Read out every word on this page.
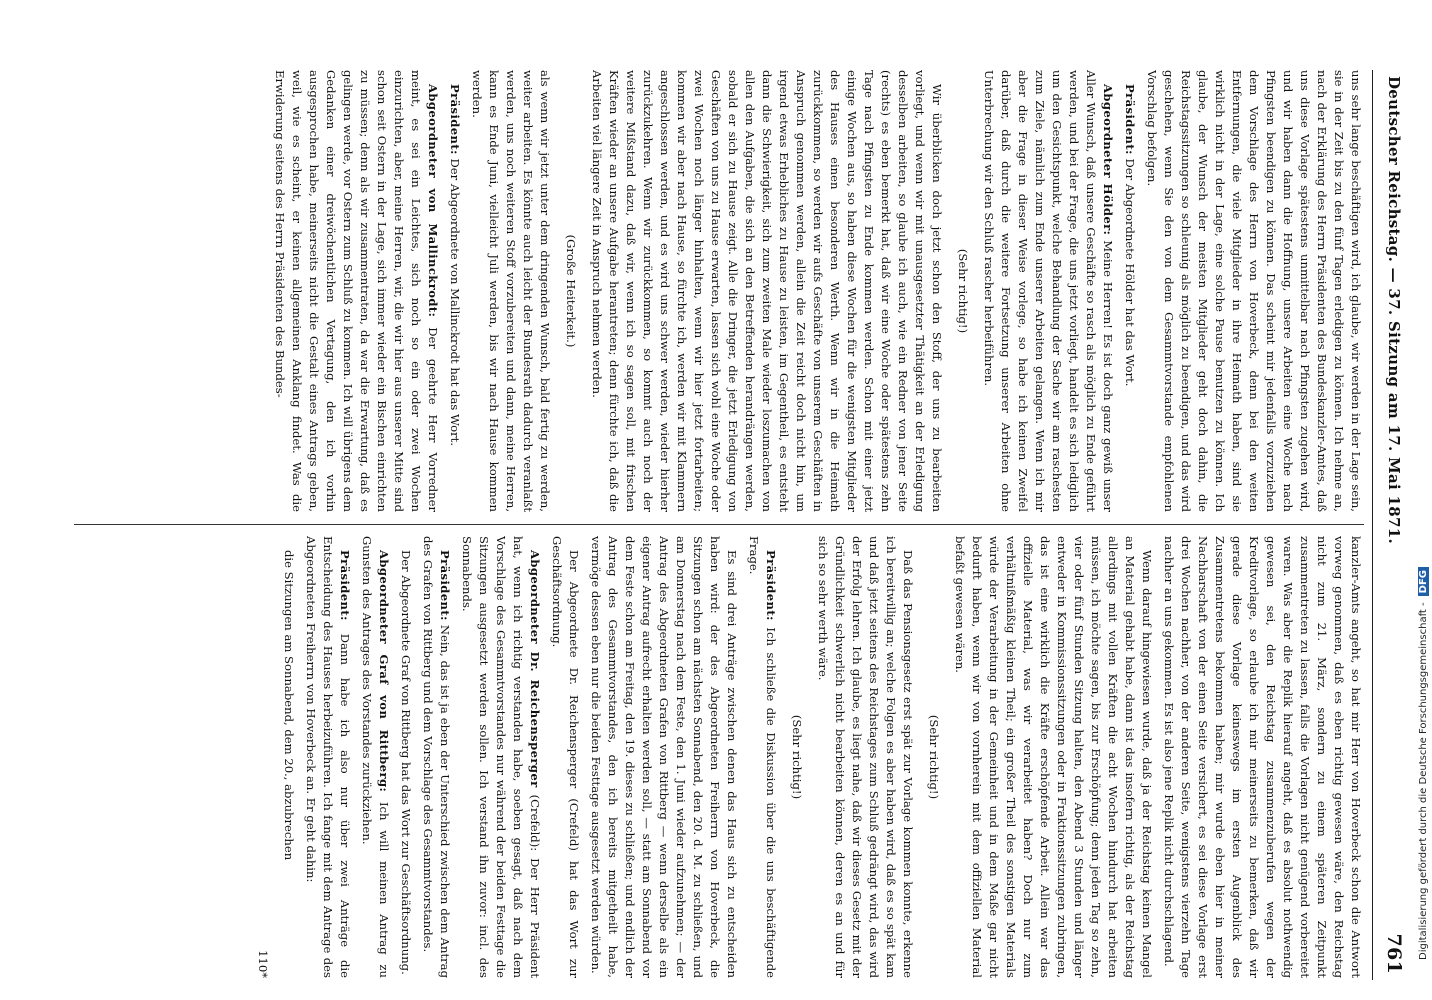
Deutscher Reichstag. — 37. Sitzung am 17. Mai 1871.
761

uns sehr lange beschäftigen wird, ich glaube, wir werden in der Lage sein, sie in der Zeit bis zu den fünf Tagen erledigen zu können. Ich nehme an, nach der Erklärung des Herrn Präsidenten des Bundeskanzler-Amtes, daß uns diese Vorlage spätestens unmittelbar nach Pfingsten zugehen wird, und wir haben dann die Hoffnung, unsere Arbeiten eine Woche nach Pfingsten beendigen zu können. Das scheint mir jedenfalls vorzuziehen dem Vorschlage des Herrn von Hoverbeck, denn bei den weiten Entfernungen, die viele Mitglieder in ihre Heimath haben, sind sie wirklich nicht in der Lage, eine solche Pause benutzen zu können. Ich glaube, der Wunsch der meisten Mitglieder geht doch dahin, die Reichstagssitzungen so schleunig als möglich zu beendigen, und das wird geschehen, wenn Sie den von dem Gesammtvorstande empfohlenen Vorschlag befolgen.

Präsident: Der Abgeordnete Hölder hat das Wort.

Abgeordneter Hölder: Meine Herren! Es ist doch ganz gewiß unser Aller Wunsch, daß unsere Geschäfte so rasch als möglich zu Ende geführt werden, und bei der Frage, die uns jetzt vorliegt, handelt es sich lediglich um den Gesichtspunkt, welche Behandlung der Sache wir am raschesten zum Ziele, nämlich zum Ende unserer Arbeiten gelangen. Wenn ich mir aber die Frage in dieser Weise vorlege, so habe ich keinen Zweifel darüber, daß durch die weitere Fortsetzung unserer Arbeiten ohne Unterbrechung wir den Schluß rascher herbeiführen.

(Sehr richtig!)

Wir überblicken doch jetzt schon den Stoff, der uns zu bearbeiten vorliegt, und wenn wir mit unausgesetzter Thätigkeit an der Erledigung desselben arbeiten, so glaube ich auch, wie ein Redner von jener Seite (rechts) es eben bemerkt hat, daß wir eine Woche oder spätestens zehn Tage nach Pfingsten zu Ende kommen werden. Schon mit einer jetzt einige Wochen aus, so haben diese Wochen für die wenigsten Mitglieder des Hauses einen besonderen Werth. Wenn wir in die Heimath zurückkommen, so werden wir aufs Geschäfte von unserem Geschäften in Anspruch genommen werden, allein die Zeit reicht doch nicht hin, um irgend etwas Erhebliches zu Hause zu leisten, im Gegentheil, es entsteht dann die Schwierigkeit, sich zum zweiten Male wieder loszumachen von allen den Aufgaben, die sich an den Betreffenden herandrängen werden, sobald er sich zu Hause zeigt. Alle die Dringer, die jetzt Erledigung von Geschäften von uns zu Hause erwarten, lassen sich wohl eine Woche oder zwei Wochen noch länger hinhalten, wenn wir hier jetzt fortarbeiten; kommen wir aber nach Hause, so fürchte ich, werden wir mit Klammern angeschlossen werden, und es wird uns schwer werden, wieder hierher zurückzukehren. Wenn wir zurückkommen, so kommt auch noch der weitere Mißstand dazu, daß wir, wenn ich so sagen soll, mit frischen Kräften wieder an unsere Aufgabe herantreten; denn fürchte ich, daß die Arbeiten viel längere Zeit in Anspruch nehmen werden.

(Große Heiterkeit.)

als wenn wir jetzt unter dem dringenden Wunsch, bald fertig zu werden, weiter arbeiten. Es könnte auch leicht der Bundesrath dadurch veranlaßt werden, uns noch weiteren Stoff vorzubereiten und dann, meine Herren, kann es Ende Juni, vielleicht Juli werden, bis wir nach Hause kommen werden.

Präsident: Der Abgeordnete von Mallinckrodt hat das Wort.

Abgeordneter von Mallinckrodt: Der geehrte Herr Vorredner meint, es sei ein Leichtes, sich noch so ein oder zwei Wochen einzurichten, aber, meine Herren, wir, die wir hier aus unserer Mitte sind schon seit Ostern in der Lage, sich immer wieder ein Bischen einrichten zu müssen; denn als wir zusammentraten, da war die Erwartung, daß es gelingen werde, vor Ostern zum Schluß zu kommen. Ich will übrigens dem Gedanken einer dreiwöchentlichen Vertagung, den ich vorhin ausgesprochen habe, meinerseits nicht die Gestalt eines Antrags geben, weil, wie es scheint, er keinen allgemeinen Anklang findet. Was die Erwiderung seitens des Herrn Präsidenten des Bundes-

kanzler-Amts angeht, so hat mir Herr von Hoverbeck schon die Antwort vorweg genommen, daß es eben richtig gewesen wäre, den Reichstag nicht zum 21. März, sondern zu einem späteren Zeitpunkt zusammentreten zu lassen, falls die Vorlagen nicht genügend vorbereitet waren. Was aber die Replik hierauf angeht, daß es absolut nothwendig gewesen sei, den Reichstag zusammenzuberufen wegen der Kreditvorlage, so erlaube ich mir meinerseits zu bemerken, daß wir gerade diese Vorlage keineswegs im ersten Augenblick des Zusammentretens bekommen haben; mir wurde eben hier in meiner Nachbarschaft von der einen Seite versichert, es sei diese Vorlage erst drei Wochen nachher, von der anderen Seite, wenigstens vierzehn Tage nachher an uns gekommen. Es ist also jene Replik nicht durchschlagend.

Wenn darauf hingewiesen wurde, daß ja der Reichstag keinen Mangel an Material gehabt habe, dann ist das insofern richtig, als der Reichstag allerdings mit vollen Kräften die acht Wochen hindurch hat arbeiten müssen, ich möchte sagen, bis zur Erschöpfung; denn jeden Tag so zehn, vier oder fünf Stunden Sitzung halten, den Abend 3 Stunden und länger entweder in Kommissionssitzungen oder in Fraktionssitzungen zubringen, das ist eine wirklich die Kräfte erschöpfende Arbeit. Allein war das offizielle Material, was wir verarbeitet haben? Doch nur zum verhältnißmäßig kleinen Theil; ein großer Theil des sonstigen Materials würde der Verarbeitung in der Gemeinheit und in dem Maße gar nicht bedurft haben, wenn wir von vornherein mit dem offiziellen Material befaßt gewesen wären.

(Sehr richtig!)

Daß das Pensionsgesetz erst spät zur Vorlage kommen konnte, erkenne ich bereitwillig an; welche Folgen es aber haben wird, daß es so spät kam und daß jetzt seitens des Reichstages zum Schluß gedrängt wird, das wird der Erfolg lehren. Ich glaube, es liegt nahe, daß wir dieses Gesetz mit der Gründlichkeit schwerlich nicht bearbeiten können, deren es an und für sich so sehr werth wäre.

(Sehr richtig!)

Präsident: Ich schließe die Diskussion über die uns beschäftigende Frage.

Es sind drei Anträge zwischen denen das Haus sich zu entscheiden haben wird: der des Abgeordneten Freiherrn von Hoverbeck, die Sitzungen schon am nächsten Sonnabend, den 20. d. M. zu schließen, und am Donnerstag nach dem Feste, den 1. Juni wieder aufzunehmen; — der Antrag des Abgeordneten Grafen von Rittberg — wenn derselbe als ein eigener Antrag aufrecht erhalten werden soll, — statt am Sonnabend vor dem Feste schon am Freitag, den 19. dieses zu schließen; und endlich der Antrag des Gesammtvorstandes, den ich bereits mitgetheilt habe, vermöge dessen eben nur die beiden Festtage ausgesetzt werden würden.

Der Abgeordnete Dr. Reichensperger (Crefeld) hat das Wort zur Geschäftsordnung.

Abgeordneter Dr. Reichensperger (Crefeld): Der Herr Präsident hat, wenn ich richtig verstanden habe, soeben gesagt, daß nach dem Vorschlage des Gesammtvorstandes nur während der beiden Festtage die Sitzungen ausgesetzt werden sollen. Ich verstand ihn zuvor: incl. des Sonnabends.

Präsident: Nein, das ist ja eben der Unterschied zwischen dem Antrag des Grafen von Rittberg und dem Vorschlage des Gesammtvorstandes.

Der Abgeordnete Graf von Rittberg hat das Wort zur Geschäftsordnung.

Abgeordneter Graf von Rittberg: Ich will meinen Antrag zu Gunsten des Antrages des Vorstandes zurückziehen.

Präsident: Dann habe ich also nur über zwei Anträge die Entscheidung des Hauses herbeizuführen. Ich fange mit dem Antrage des Abgeordneten Freiherrn von Hoverbeck an. Er geht dahin:

die Sitzungen am Sonnabend, dem 20., abzubrechen

110*

Digitalisierung gefördert durch die Deutsche Forschungsgemeinschaft -
DFG
